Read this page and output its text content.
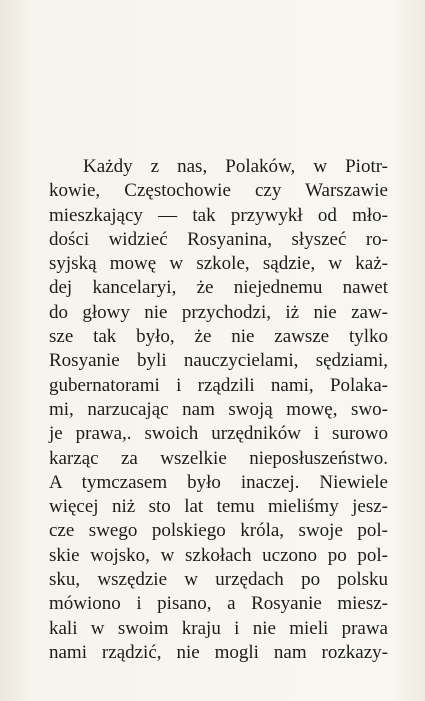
Każdy z nas, Polaków, w Piotr-
kowie, Częstochowie czy Warszawie
mieszkający — tak przywykł od mło-
dości widzieć Rosyanina, słyszeć ro-
syjską mowę w szkole, sądzie, w każ-
dej kancelaryi, że niejednemu nawet
do głowy nie przychodzi, iż nie zaw-
sze tak było, że nie zawsze tylko
Rosyanie byli nauczycielami, sędziami,
gubernatorami i rządzili nami, Polaka-
mi, narzucając nam swoją mowę, swo-
je prawa,. swoich urzędników i surowo
karząc za wszelkie nieposłuszeństwo.
A tymczasem było inaczej. Niewiele
więcej niż sto lat temu mieliśmy jesz-
cze swego polskiego króla, swoje pol-
skie wojsko, w szkołach uczono po pol-
sku, wszędzie w urzędach po polsku
mówiono i pisano, a Rosyanie miesz-
kali w swoim kraju i nie mieli prawa
nami rządzić, nie mogli nam rozkazy-
